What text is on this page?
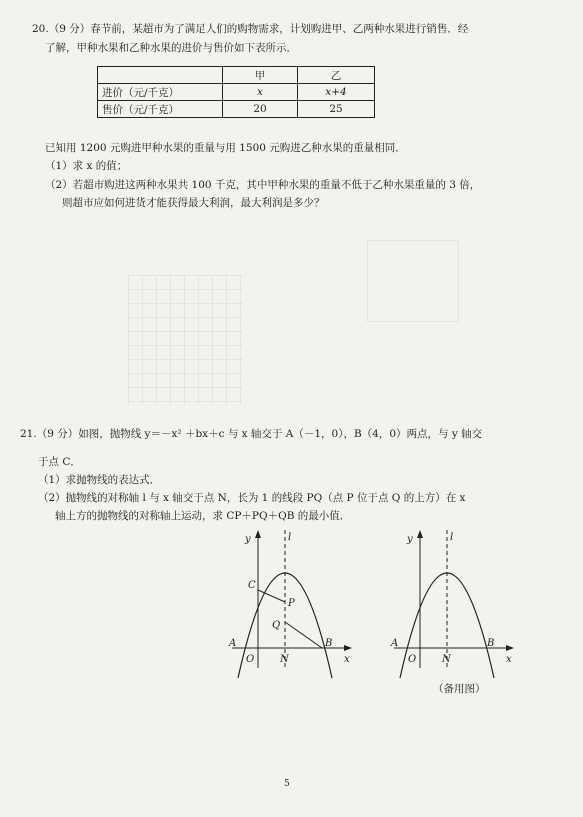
20.（9 分）春节前，某超市为了满足人们的购物需求，计划购进甲、乙两种水果进行销售．经
了解，甲种水果和乙种水果的进价与售价如下表所示．
	甲	乙
进价（元/千克）	x	x+4
售价（元/千克）	20	25
已知用 1200 元购进甲种水果的重量与用 1500 元购进乙种水果的重量相同．
（1）求 x 的值；
（2）若超市购进这两种水果共 100 千克，其中甲种水果的重量不低于乙种水果重量的 3 倍，
则超市应如何进货才能获得最大利润，最大利润是多少？
21.（9 分）如图，抛物线 y＝－x² ＋bx＋c 与 x 轴交于 A（－1，0），B（4，0）两点，与 y 轴交
于点 C．
（1）求抛物线的表达式．
（2）抛物线的对称轴 l 与 x 轴交于点 N，长为 1 的线段 PQ（点 P 位于点 Q 的上方）在 x
轴上方的抛物线的对称轴上运动，求 CP＋PQ＋QB 的最小值．
y	l
C
P
Q
A
O	N
B
x
y	l
A
O	N
B
x
（备用图）
5
